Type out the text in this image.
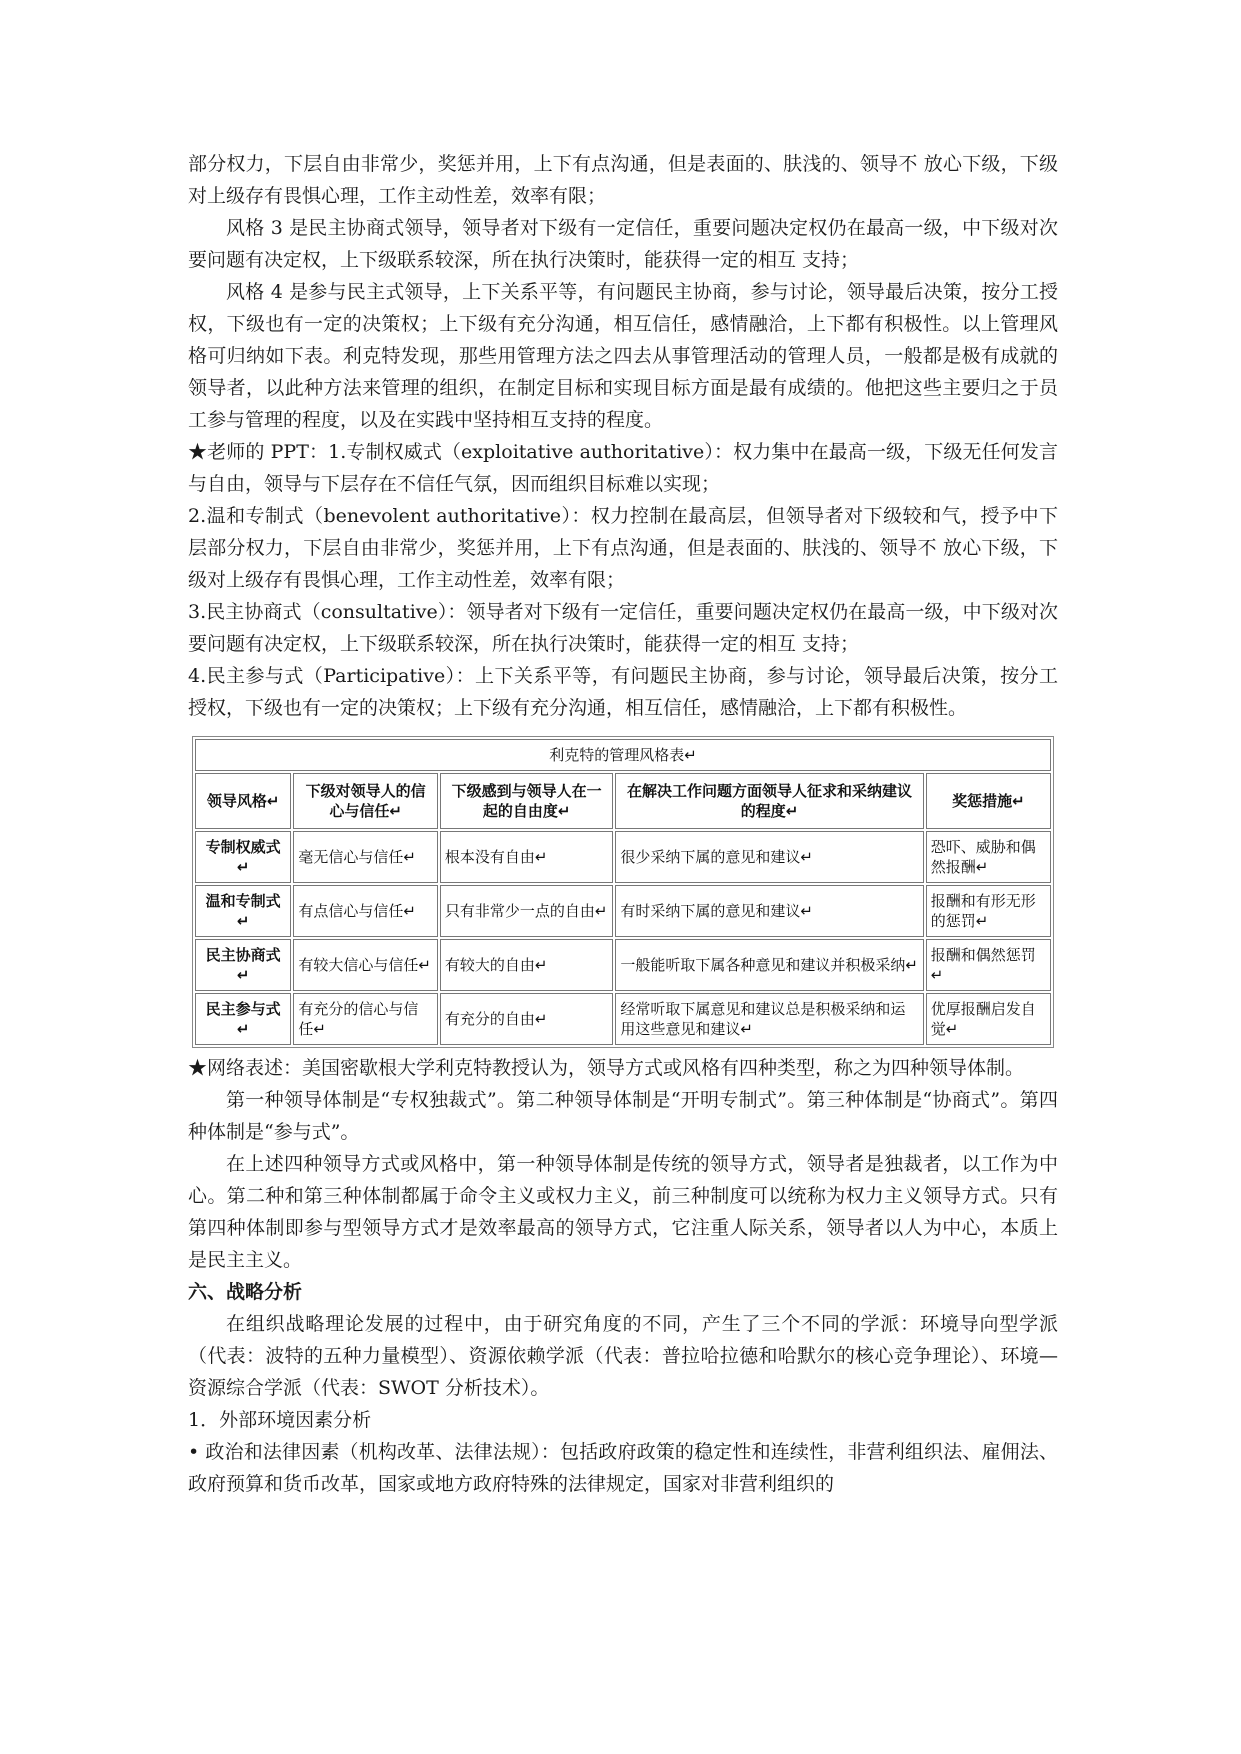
部分权力，下层自由非常少，奖惩并用，上下有点沟通，但是表面的、肤浅的、领导不 放心下级，下级对上级存有畏惧心理，工作主动性差，效率有限；

风格 3 是民主协商式领导，领导者对下级有一定信任，重要问题决定权仍在最高一级，中下级对次要问题有决定权，上下级联系较深，所在执行决策时，能获得一定的相互 支持；

风格 4 是参与民主式领导，上下关系平等，有问题民主协商，参与讨论，领导最后决策，按分工授权，下级也有一定的决策权；上下级有充分沟通，相互信任，感情融洽，上下都有积极性。以上管理风格可归纳如下表。利克特发现，那些用管理方法之四去从事管理活动的管理人员，一般都是极有成就的领导者，以此种方法来管理的组织，在制定目标和实现目标方面是最有成绩的。他把这些主要归之于员工参与管理的程度，以及在实践中坚持相互支持的程度。

★老师的 PPT：1.专制权威式（exploitative authoritative）：权力集中在最高一级，下级无任何发言与自由，领导与下层存在不信任气氛，因而组织目标难以实现；

2.温和专制式（benevolent authoritative）：权力控制在最高层，但领导者对下级较和气，授予中下层部分权力，下层自由非常少，奖惩并用，上下有点沟通，但是表面的、肤浅的、领导不 放心下级，下级对上级存有畏惧心理，工作主动性差，效率有限；

3.民主协商式（consultative）：领导者对下级有一定信任，重要问题决定权仍在最高一级，中下级对次要问题有决定权，上下级联系较深，所在执行决策时，能获得一定的相互 支持；

4.民主参与式（Participative）：上下关系平等，有问题民主协商，参与讨论，领导最后决策，按分工授权，下级也有一定的决策权；上下级有充分沟通，相互信任，感情融洽，上下都有积极性。

利克特的管理风格表↵				
领导风格↵	下级对领导人的信心与信任↵	下级感到与领导人在一起的自由度↵	在解决工作问题方面领导人征求和采纳建议的程度↵	奖惩措施↵
专制权威式↵	毫无信心与信任↵	根本没有自由↵	很少采纳下属的意见和建议↵	恐吓、威胁和偶然报酬↵
温和专制式↵	有点信心与信任↵	只有非常少一点的自由↵	有时采纳下属的意见和建议↵	报酬和有形无形的惩罚↵
民主协商式↵	有较大信心与信任↵	有较大的自由↵	一般能听取下属各种意见和建议并积极采纳↵	报酬和偶然惩罚↵
民主参与式↵	有充分的信心与信任↵	有充分的自由↵	经常听取下属意见和建议总是积极采纳和运用这些意见和建议↵	优厚报酬启发自觉↵

★网络表述：美国密歇根大学利克特教授认为，领导方式或风格有四种类型，称之为四种领导体制。

第一种领导体制是“专权独裁式”。第二种领导体制是“开明专制式”。第三种体制是“协商式”。第四种体制是“参与式”。

在上述四种领导方式或风格中，第一种领导体制是传统的领导方式，领导者是独裁者，以工作为中心。第二种和第三种体制都属于命令主义或权力主义，前三种制度可以统称为权力主义领导方式。只有第四种体制即参与型领导方式才是效率最高的领导方式，它注重人际关系，领导者以人为中心，本质上是民主主义。

六、战略分析

在组织战略理论发展的过程中，由于研究角度的不同，产生了三个不同的学派：环境导向型学派（代表：波特的五种力量模型）、资源依赖学派（代表：普拉哈拉德和哈默尔的核心竞争理论）、环境—资源综合学派（代表：SWOT 分析技术）。

1．外部环境因素分析

• 政治和法律因素（机构改革、法律法规）：包括政府政策的稳定性和连续性，非营利组织法、雇佣法、政府预算和货币改革，国家或地方政府特殊的法律规定，国家对非营利组织的
